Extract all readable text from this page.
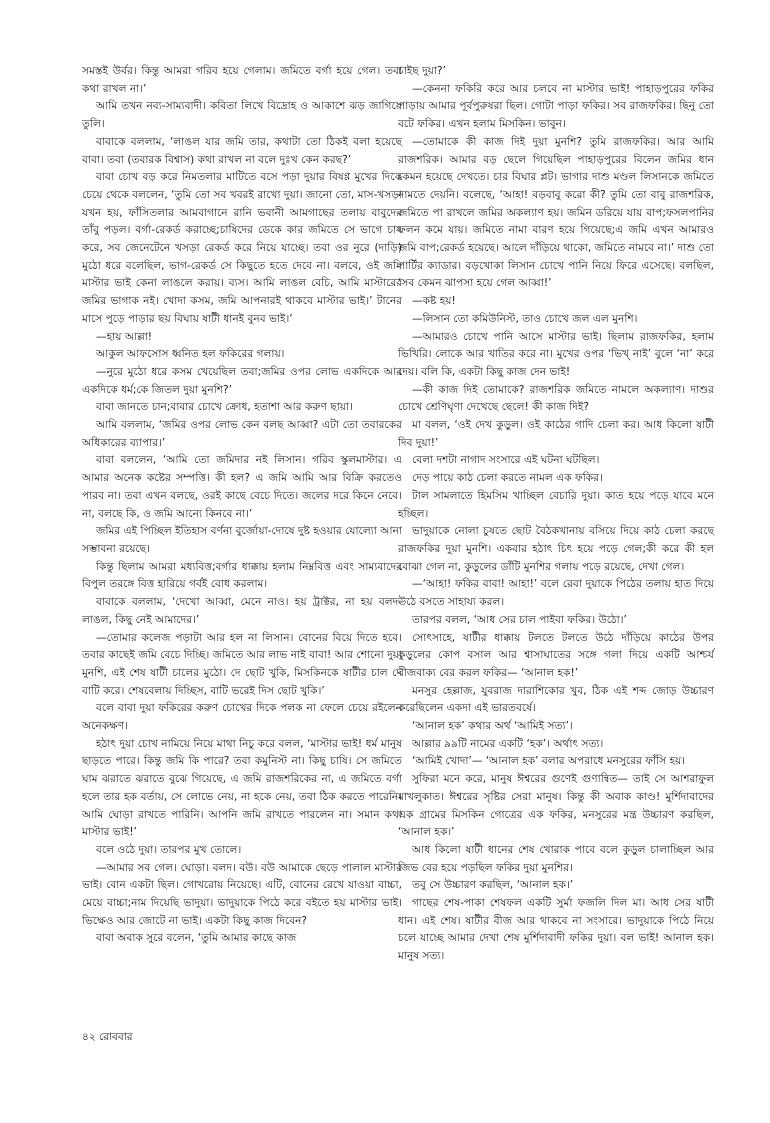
সমস্তই উর্বর। কিন্তু আমরা গরিব হয়ে গেলাম। জমিতে বর্গা হয়ে গেল। তবা কথা রাখল না।’

আমি তখন নব্য-সাম্যবাদী। কবিতা লিখে বিদ্রোহ ও আকাশে ঝড় জাগিয়ে তুলি।

বাবাকে বললাম, ‘লাঙল যার জমি তার, কথাটা তো ঠিকই বলা হয়েছে বাবা। তবা (তবারক বিশ্বাস) কথা রাখল না বলে দুঃখ কেন করছ?’

বাবা চোখ বড় করে নিমতলার মাটিতে বসে পড়া দুয়ার বিষণ্ণ মুখের দিকে চেয়ে থেকে বললেন, ‘তুমি তো সব খবরই রাখো দুয়া। জানো তো, মাস-খসড়া যখন হয়, ফাঁসিতলার আমবাগানে রানি ভবানী আমগাছের তলায় বাবুদের তাঁবু পড়ল। বর্গা-রেকর্ড করাচ্ছে;চাষিদের ডেকে কার জমিতে সে ভাগে চাষ করে, সব জেনেটেনে খসড়া রেকর্ড করে নিয়ে যাচ্ছে। তবা ওর নুরে (দাড়ি) মুঠো ধরে বলেছিল, ভাগ-রেকর্ড সে কিছুতে হতে দেবে না। বলবে, ওই জমি মাস্টার ভাই কেনা লাঙলে করায়। ব্যস। আমি লাঙল বেচি, আমি মাস্টারের জমির ভাগাক নই। খোদা কসম, জমি আপনারই থাকবে মাস্টার ভাই।’ টানের মাসে পুড়ে পাড়ার ছয় বিঘায় ষাটী ধানই বুনব ভাই।’

—হায় আল্লা!

আকুল আফসোস ধ্বনিত হল ফকিরের গলায়।

—নুরে মুঠো ধরে কসম খেয়েছিল তবা;জমির ওপর লোভ একদিকে আর একদিকে ধর্ম;কে জিতল দুয়া মুনশি?’

বাবা জানতে চান;বাবার চোখে ক্রোধ, হতাশা আর করুণ ছায়া।

আমি বললাম, ‘জমির ওপর লোভ কেন বলছ আব্বা? এটা তো তবারকের অধিকারের ব্যাপার।’

বাবা বললেন, ‘আমি তো জমিদার নই লিসান। গরিব স্কুলমাস্টার। এ আমার অনেক কষ্টের সম্পত্তি। কী হল? এ জমি আমি আর বিক্রি করতেও পারব না। তবা এখন বলছে, ওরই কাছে বেচে দিতে। জলের দরে কিনে নেবে। না, বলছে কি, ও জমি আন্যে কিনবে না।’

জমির এই পিচ্ছিল ইতিহাস বর্ণনা বুর্জোয়া-দোষে দুষ্ট হওয়ার যোল্যো আনা সম্ভাবনা রয়েছে।

কিন্তু ছিলাম আমরা মধ্যবিত্ত;বর্গার ধাক্কায় হলাম নিম্নবিত্ত এবং সাম্যবাদের বিপুল তরঙ্গে বিত্ত হারিয়ে গর্বই বোধ করলাম।

বাবাকে বললাম, ‘দেখো আব্বা, মেনে নাও। হয় ট্রাক্টর, না হয় বলদ-লাঙল, কিছু নেই আমাদের।’

—তোমার কলেজ পড়াটা আর হল না লিসান। বোনের বিয়ে দিতে হবে। তবার কাছেই জমি বেচে দিচ্ছি। জমিতে আর লাভ নাই বাবা! আর শোনো দুয়া মুনশি, এই শেষ ষাটী চালের মুঠো। দে ছোট খুকি, মিসকিনকে ষাটীর চাল দে বাটি করে। শেষবেলায় দিচ্ছিস, বাটি ভরেই দিস ছোট খুকি।’

বলে বাবা দুয়া ফকিরের করুণ চোখের দিকে পলক না ফেলে চেয়ে রইলেন অনেকক্ষণ।

হঠাৎ দুয়া চোখ নামিয়ে নিয়ে মাথা নিচু করে বলল, ‘মাস্টার ভাই! ধর্ম মানুষ ছাড়তে পারে। কিন্তু জমি কি পারে? তবা কমুনিস্ট না। কিছু চাষি। সে জমিতে ঘাম ঝরাতে ঝরাতে বুঝে গিয়েছে, এ জমি রাজশরিকের না, এ জমিতে বর্গা হলে তার হক বর্তায়, সে লোভে নেয়, না হকে নেয়, তবা ঠিক করতে পারেনি। আমি ঘোড়া রাখতে পারিনি। আপনি জমি রাখতে পারলেন না। সমান কথা মাস্টার ভাই!’

বলে ওঠে দুয়া। তারপর মুখ তোলে।

—আমার সব গেল। ঘোড়া। বলদ। বউ। বউ আমাকে ছেড়ে পালাল মাস্টার ভাই। বোন একটা ছিল। গোখরোয় নিয়েছে। এটি, বোনের রেখে যাওয়া বাচ্চা, মেয়ে বাচ্চা;নাম দিয়েছি ভাদুয়া। ভাদুয়াকে পিঠে করে বইতে হয় মাস্টার ভাই। ভিক্ষেও আর জোটে না ভাই। একটা কিছু কাজ দিবেন?

বাবা অবাক সুরে বলেন, ‘তুমি আমার কাছে কাজ

চাইছ দুয়া?’

—কেননা ফকিরি করে আর চলবে না মাস্টার ভাই! পাহাড়পুরের ফকির পাড়ায় আমার পূর্বপুরুষরা ছিল। গোটা পাড়া ফকির। সব রাজফকির। ছিনু তো বটে ফকির। এখন হলাম মিসকিন। ভাবুন।

—তোমাকে কী কাজ দিই দুয়া মুনশি? তুমি রাজফকির। আর আমি রাজশরিক। আমার বড় ছেলে গিয়েছিল পাহাড়পুরের বিলেন জমির ধান কেমন হয়েছে দেখতে। চার বিঘার প্লট। ভাগার দাশু মণ্ডল লিসানকে জমিতে নামতে দেয়নি। বলেছে, ‘আহা! বড়বাবু করো কী? তুমি তো বাবু রাজশরিক, জমিতে পা রাখলে জমির অকল্যাণ হয়। জমিন ডরিয়ে যায় বাপ;ফসলপানির ফলন কমে যায়। জমিতে নামা বারণ হয়ে গিয়েছে;এ জমি এখন আমারও জমি বাপ;রেকর্ড হয়েছে। আলে দাঁড়িয়ে থাকো, জমিতে নামবে না।’ দাশু তো পার্টির ক্যাডার। বড়খোকা লিসান চোখে পানি নিয়ে ফিরে এসেছে। বলছিল, ‘সব কেমন ঝাপসা হয়ে গেল আব্বা!’

—কষ্ট হয়!

—লিসান তো কমিউনিস্ট, তাও চোখে জল এল মুনশি।

—আমারও চোখে পানি আসে মাস্টার ভাই। ছিলাম রাজফকির, হলাম ভিখিরি। লোকে আর খাতির করে না। মুখের ওপর ‘ভিখ্‌ নাই’ বুলে ‘না’ করে দেয়। বলি কি, একটা কিছু কাজ দেন ভাই!

—কী কাজ দিই তোমাকে? রাজশরিক জমিতে নামলে অকল্যাণ। দাশুর চোখে শ্রেণিঘৃণা দেখেছে ছেলে! কী কাজ দিই?

মা বলল, ‘ওই দেখ কুড়ুল। ওই কাঠের গাদি চেলা কর। আধ কিলো ষাটী দিব দুয়া!’

বেলা দশটা নাগাদ সংসারে এই ঘটনা ঘটছিল।

দেড় পায়ে কাঠ চেলা করতে নামল এক ফকির।

টাল সামলাতে হিমসিম খাচ্ছিল বেচারি দুয়া। কাত হয়ে পড়ে যাবে মনে হচ্ছিল।

ভাদুয়াকে নোলা চুষতে ছোট বৈঠকখানায় বসিয়ে দিয়ে কাঠ চেলা করছে রাজফকির দুয়া মুনশি। একবার হঠাৎ চিৎ হয়ে পড়ে গেল;কী করে কী হল বোঝা গেল না, কুড়ুলের ডাঁটি মুনশির গলায় পড়ে রয়েছে, দেখা গেল।

—‘আহা! ফকির বাবা! আহা!’ বলে রেবা দুয়াকে পিঠের তলায় হাত দিয়ে উঠে বসতে সাহায্য করল।

তারপর বলল, ‘আধ সের চাল পাইবা ফকির। উঠো।’

সোৎসাহে, ষাটীর ধাক্কায় টলতে টলতে উঠে দাঁড়িয়ে কাঠের উপর কুড়ুলের কোপ বসাল আর শ্বাসাঘাতের সঙ্গে গলা দিয়ে একটি আশ্চর্য বীজবাক্য বের করল ফকির— ‘আনাল হক!’

মনসুর হেল্লাজ, যুবরাজ দারাশিকোর খুব, ঠিক এই শব্দ জোড় উচ্চারণ করেছিলেন একদা এই ভারতবর্ষে।

‘আনাল হক’ কথার অর্থ ‘আমিই সত্য’।

আল্লার ৯৯টি নামের একটি ‘হক’। অর্থাৎ সত্য।

‘আমিই খোদা’— ‘আনাল হক’ বলার অপরাধে মনসুরের ফাঁসি হয়।

সুফিরা মনে করে, মানুষ ঈশ্বরের গুণেই গুণান্বিত— তাই সে আশরাফুল মাখলুকাত। ঈশ্বরের সৃষ্টির সেরা মানুষ। কিন্তু কী অবাক কাণ্ড! মুর্শিদাবাদের এক গ্রামের মিসকিন গোত্রের এক ফকির, মনসুরের মন্ত্র উচ্চারণ করছিল, ‘আনাল হক।’

আধ কিলো ষাটী ধানের শেষ খোরাক পাবে বলে কুড়ুল চালাচ্ছিল আর জিভ বের হয়ে পড়ছিল ফকির দুয়া মুনশির।

তবু সে উচ্চারণ করছিল, ‘আনাল হক।’

গাছের শেষ-পাকা শেষফল একটি সুর্মা ফজলি দিল মা। আধ সের ষাটী ধান। এই শেষ। ষাটীর বীজ আর থাকবে না সংসারে। ভাদুয়াকে পিঠে নিয়ে চলে যাচ্ছে আমার দেখা শেষ মুর্শিদাবাদী ফকির দুয়া। বল ভাই! আনাল হক। মানুষ সত্য।

৪২ রোববার
